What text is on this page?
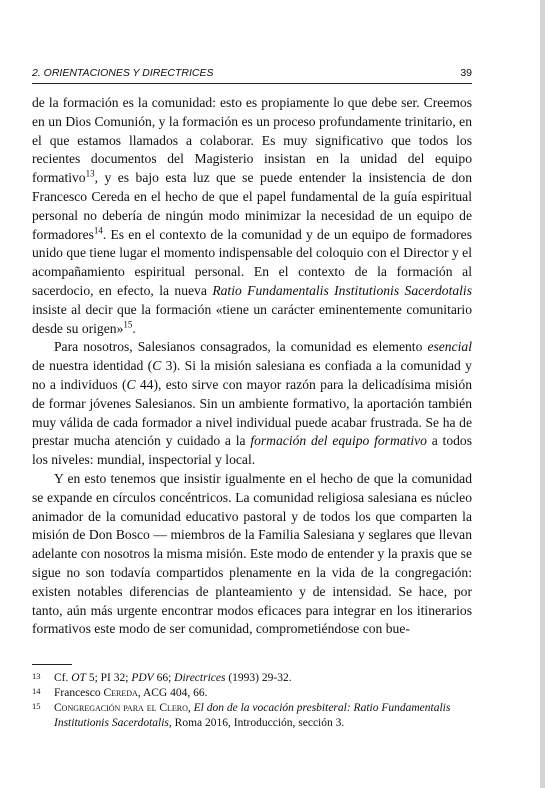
2. ORIENTACIONES Y DIRECTRICES	39

de la formación es la comunidad: esto es propiamente lo que debe ser. Creemos en un Dios Comunión, y la formación es un proceso profundamente trinitario, en el que estamos llamados a colaborar. Es muy significativo que todos los recientes documentos del Magisterio insistan en la unidad del equipo formativo$^{13}$, y es bajo esta luz que se puede entender la insistencia de don Francesco Cereda en el hecho de que el papel fundamental de la guía espiritual personal no debería de ningún modo minimizar la necesidad de un equipo de formadores$^{14}$. Es en el contexto de la comunidad y de un equipo de formadores unido que tiene lugar el momento indispensable del coloquio con el Director y el acompañamiento espiritual personal. En el contexto de la formación al sacerdocio, en efecto, la nueva Ratio Fundamentalis Institutionis Sacerdotalis insiste al decir que la formación «tiene un carácter eminentemente comunitario desde su origen»$^{15}$.

Para nosotros, Salesianos consagrados, la comunidad es elemento esencial de nuestra identidad (C 3). Si la misión salesiana es confiada a la comunidad y no a individuos (C 44), esto sirve con mayor razón para la delicadísima misión de formar jóvenes Salesianos. Sin un ambiente formativo, la aportación también muy válida de cada formador a nivel individual puede acabar frustrada. Se ha de prestar mucha atención y cuidado a la formación del equipo formativo a todos los niveles: mundial, inspectorial y local.

Y en esto tenemos que insistir igualmente en el hecho de que la comunidad se expande en círculos concéntricos. La comunidad religiosa salesiana es núcleo animador de la comunidad educativo pastoral y de todos los que comparten la misión de Don Bosco — miembros de la Familia Salesiana y seglares que llevan adelante con nosotros la misma misión. Este modo de entender y la praxis que se sigue no son todavía compartidos plenamente en la vida de la congregación: existen notables diferencias de planteamiento y de intensidad. Se hace, por tanto, aún más urgente encontrar modos eficaces para integrar en los itinerarios formativos este modo de ser comunidad, comprometiéndose con bue-

13 Cf. OT 5; PI 32; PDV 66; Directrices (1993) 29-32.
14 Francesco Cereda, ACG 404, 66.
15 Congregación para el Clero, El don de la vocación presbiteral: Ratio Fundamentalis Institutionis Sacerdotalis, Roma 2016, Introducción, sección 3.
